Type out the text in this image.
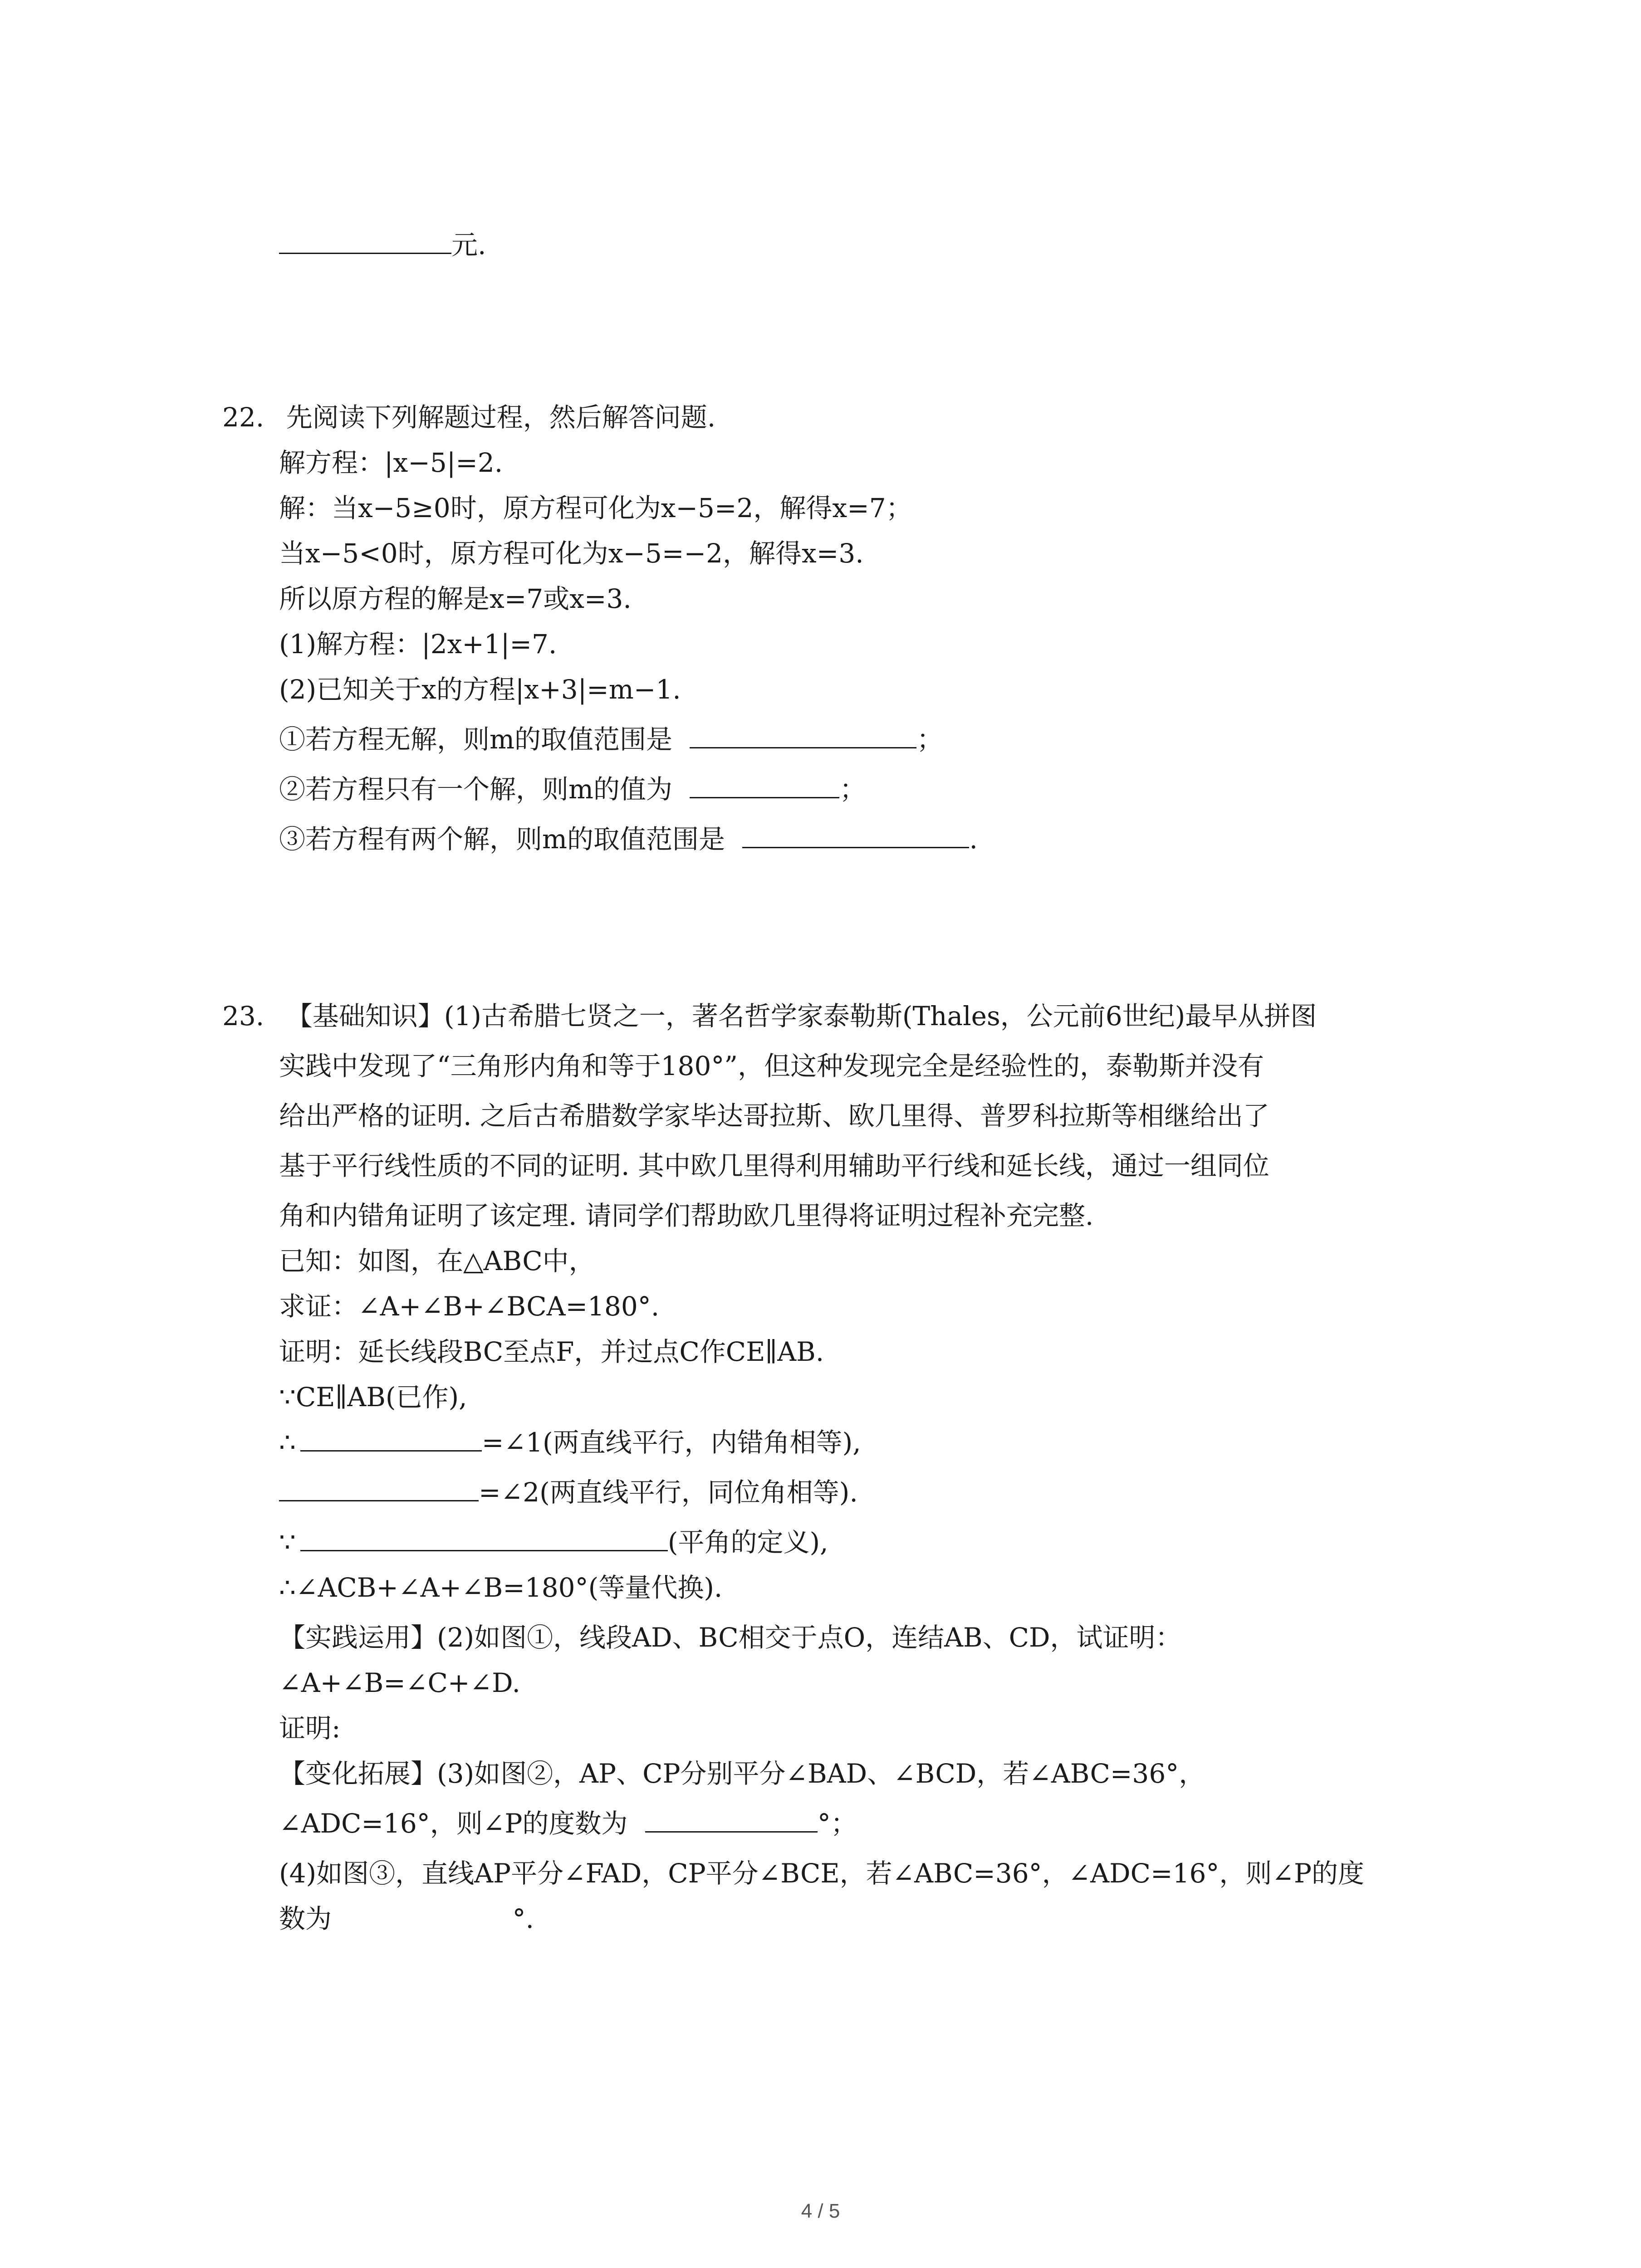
元.
22. 先阅读下列解题过程，然后解答问题.
解方程：|x−5|=2.
解：当x−5≥0时，原方程可化为x−5=2，解得x=7；
当x−5<0时，原方程可化为x−5=−2，解得x=3.
所以原方程的解是x=7或x=3.
(1)解方程：|2x+1|=7.
(2)已知关于x的方程|x+3|=m−1.
①若方程无解，则m的取值范围是	；
②若方程只有一个解，则m的值为	；
③若方程有两个解，则m的取值范围是	.
23. 【基础知识】(1)古希腊七贤之一，著名哲学家泰勒斯(Thales，公元前6世纪)最早从拼图
实践中发现了“三角形内角和等于180°”，但这种发现完全是经验性的，泰勒斯并没有
给出严格的证明. 之后古希腊数学家毕达哥拉斯、欧几里得、普罗科拉斯等相继给出了
基于平行线性质的不同的证明. 其中欧几里得利用辅助平行线和延长线，通过一组同位
角和内错角证明了该定理. 请同学们帮助欧几里得将证明过程补充完整.
已知：如图，在△ABC中，
求证：∠A+∠B+∠BCA=180°.
证明：延长线段BC至点F，并过点C作CE∥AB.
∵CE∥AB(已作),
∴	=∠1(两直线平行，内错角相等),
=∠2(两直线平行，同位角相等).
∵	(平角的定义),
∴∠ACB+∠A+∠B=180°(等量代换).
【实践运用】(2)如图①，线段AD、BC相交于点O，连结AB、CD，试证明：
∠A+∠B=∠C+∠D.
证明:
【变化拓展】(3)如图②，AP、CP分别平分∠BAD、∠BCD，若∠ABC=36°，
∠ADC=16°，则∠P的度数为	°；
(4)如图③，直线AP平分∠FAD，CP平分∠BCE，若∠ABC=36°，∠ADC=16°，则∠P的度
数为	°.
4 / 5
